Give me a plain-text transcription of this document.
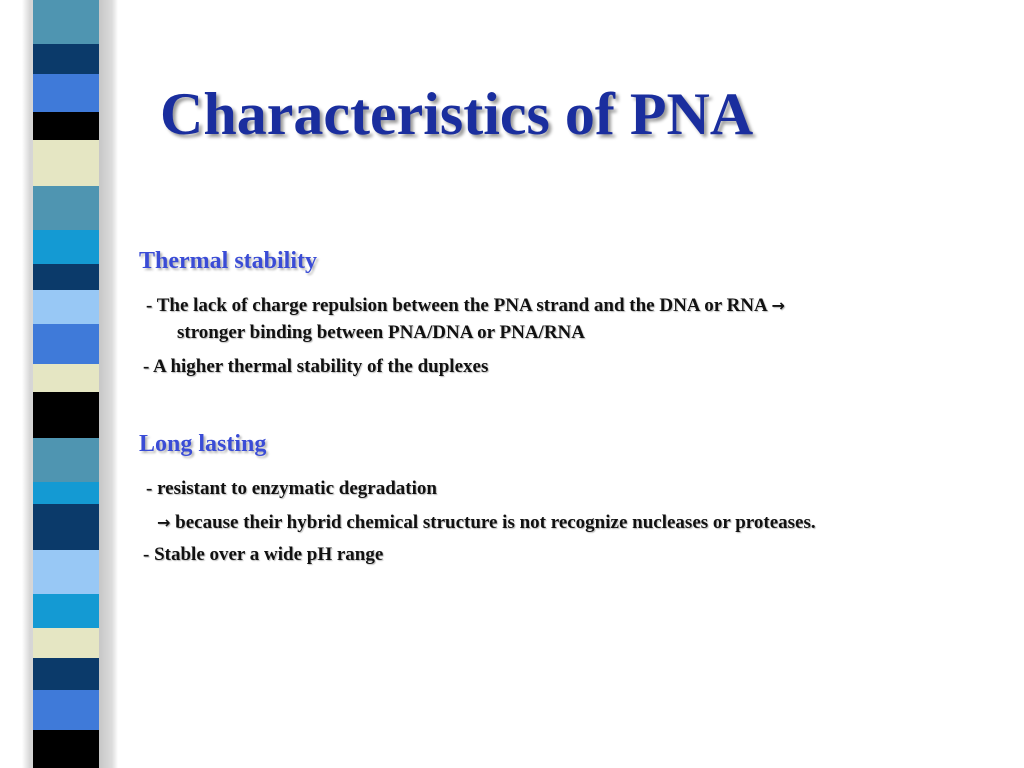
Characteristics of PNA
Thermal stability
- The lack of charge repulsion between the PNA strand and the DNA or RNA →
stronger binding between PNA/DNA or PNA/RNA
- A higher thermal stability of the duplexes
Long lasting
- resistant to enzymatic degradation
→ because their hybrid chemical structure is not recognize nucleases or proteases.
- Stable over a wide pH range
